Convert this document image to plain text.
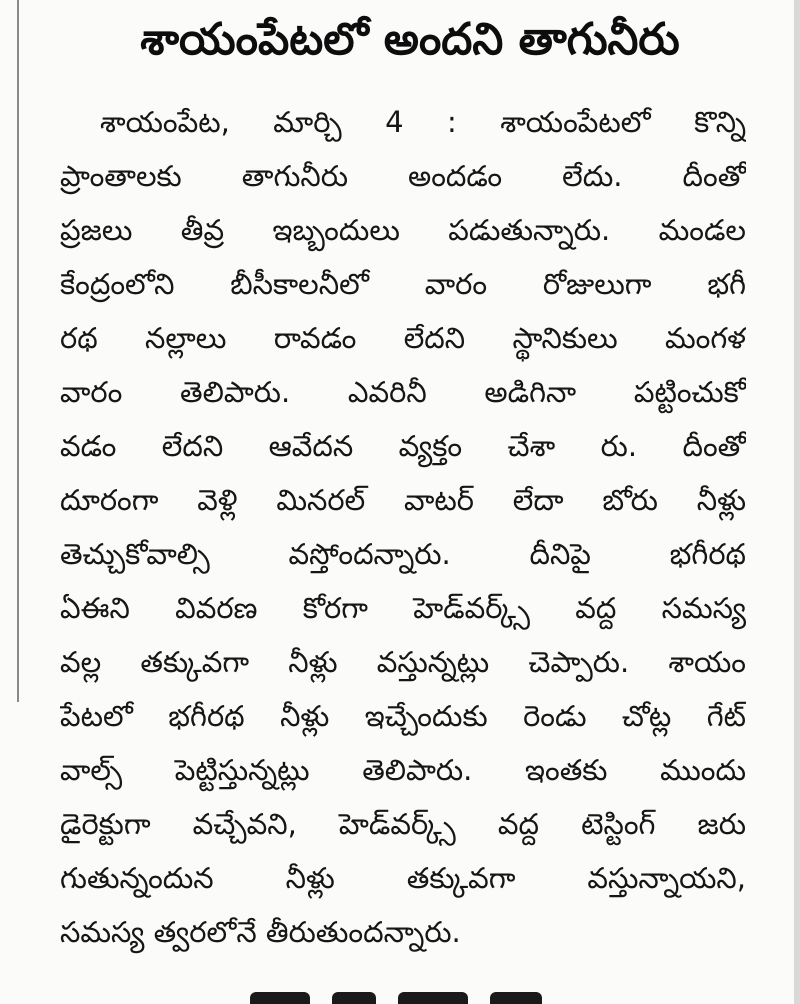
శాయంపేటలో అందని తాగునీరు
శాయంపేట, మార్చి 4 : శాయంపేటలో కొన్ని
ప్రాంతాలకు తాగునీరు అందడం లేదు. దీంతో
ప్రజలు తీవ్ర ఇబ్బందులు పడుతున్నారు. మండల
కేంద్రంలోని బీసీకాలనీలో వారం రోజులుగా భగీ
రథ నల్లాలు రావడం లేదని స్థానికులు మంగళ
వారం తెలిపారు. ఎవరినీ అడిగినా పట్టించుకో
వడం లేదని ఆవేదన వ్యక్తం చేశా రు. దీంతో
దూరంగా వెళ్లి మినరల్ వాటర్ లేదా బోరు నీళ్లు
తెచ్చుకోవాల్సి వస్తోందన్నారు. దీనిపై భగీరథ
ఏఈని వివరణ కోరగా హెడ్‌వర్క్స్ వద్ద సమస్య
వల్ల తక్కువగా నీళ్లు వస్తున్నట్లు చెప్పారు. శాయం
పేటలో భగీరథ నీళ్లు ఇచ్చేందుకు రెండు చోట్ల గేట్
వాల్స్ పెట్టిస్తున్నట్లు తెలిపారు. ఇంతకు ముందు
డైరెక్టుగా వచ్చేవని, హెడ్‌వర్క్స్ వద్ద టెస్టింగ్ జరు
గుతున్నందున నీళ్లు తక్కువగా వస్తున్నాయని,
సమస్య త్వరలోనే తీరుతుందన్నారు.
